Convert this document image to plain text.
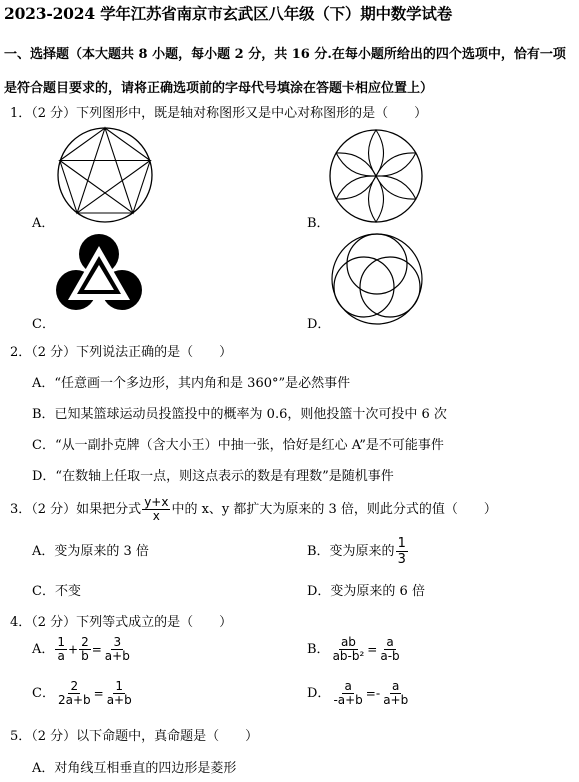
2023-2024 学年江苏省南京市玄武区八年级（下）期中数学试卷
一、选择题（本大题共 8 小题，每小题 2 分，共 16 分.在每小题所给出的四个选项中，恰有一项是符合题目要求的，请将正确选项前的字母代号填涂在答题卡相应位置上）
1．（2 分）下列图形中，既是轴对称图形又是中心对称图形的是（　　）
A．	B．
C．	D．
2．（2 分）下列说法正确的是（　　）
A．“任意画一个多边形，其内角和是 360°”是必然事件
B．已知某篮球运动员投篮投中的概率为 0.6，则他投篮十次可投中 6 次
C．“从一副扑克牌（含大小王）中抽一张，恰好是红心 A”是不可能事件
D．“在数轴上任取一点，则这点表示的数是有理数”是随机事件
3．（2 分）如果把分式 $\frac{y+x}{x}$ 中的 x、y 都扩大为原来的 3 倍，则此分式的值（　　）
A．变为原来的 3 倍	B．变为原来的 $\frac{1}{3}$
C．不变	D．变为原来的 6 倍
4．（2 分）下列等式成立的是（　　）
A． $\frac{1}{a} + \frac{2}{b} = \frac{3}{a+b}$	B． $\frac{ab}{\text{ab-b²}} = \frac{a}{a-b}$
C． $\frac{2}{2a+b} = \frac{1}{a+b}$	D． $\frac{a}{-a+b} =- \frac{a}{a+b}$
5．（2 分）以下命题中，真命题是（　　）
A．对角线互相垂直的四边形是菱形
